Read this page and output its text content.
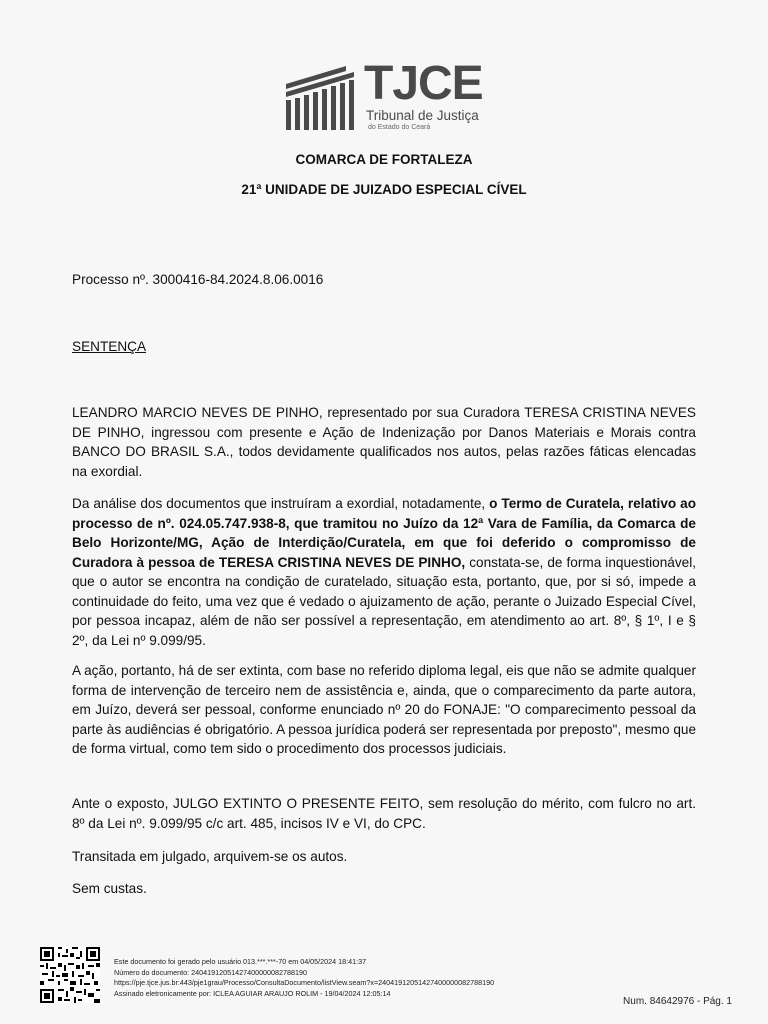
TJCE
Tribunal de Justiça
do Estado do Ceará
COMARCA DE FORTALEZA
21ª UNIDADE DE JUIZADO ESPECIAL CÍVEL
Processo nº. 3000416-84.2024.8.06.0016
SENTENÇA
LEANDRO MARCIO NEVES DE PINHO, representado por sua Curadora TERESA CRISTINA NEVES DE PINHO, ingressou com presente e Ação de Indenização por Danos Materiais e Morais contra BANCO DO BRASIL S.A., todos devidamente qualificados nos autos, pelas razões fáticas elencadas na exordial.
Da análise dos documentos que instruíram a exordial, notadamente, o Termo de Curatela, relativo ao processo de nº. 024.05.747.938-8, que tramitou no Juízo da 12ª Vara de Família, da Comarca de Belo Horizonte/MG, Ação de Interdição/Curatela, em que foi deferido o compromisso de Curadora à pessoa de TERESA CRISTINA NEVES DE PINHO, constata-se, de forma inquestionável, que o autor se encontra na condição de curatelado, situação esta, portanto, que, por si só, impede a continuidade do feito, uma vez que é vedado o ajuizamento de ação, perante o Juizado Especial Cível, por pessoa incapaz, além de não ser possível a representação, em atendimento ao art. 8º, § 1º, I e § 2º, da Lei nº 9.099/95.
A ação, portanto, há de ser extinta, com base no referido diploma legal, eis que não se admite qualquer forma de intervenção de terceiro nem de assistência e, ainda, que o comparecimento da parte autora, em Juízo, deverá ser pessoal, conforme enunciado nº 20 do FONAJE: "O comparecimento pessoal da parte às audiências é obrigatório. A pessoa jurídica poderá ser representada por preposto", mesmo que de forma virtual, como tem sido o procedimento dos processos judiciais.
Ante o exposto, JULGO EXTINTO O PRESENTE FEITO, sem resolução do mérito, com fulcro no art. 8º da Lei nº. 9.099/95 c/c art. 485, incisos IV e VI, do CPC.
Transitada em julgado, arquivem-se os autos.
Sem custas.
Este documento foi gerado pelo usuário 013.***.***-70 em 04/05/2024 18:41:37
Número do documento: 24041912051427400000082788190
https://pje.tjce.jus.br:443/pje1grau/Processo/ConsultaDocumento/listView.seam?x=24041912051427400000082788190
Assinado eletronicamente por: ICLEA AGUIAR ARAUJO ROLIM - 19/04/2024 12:05:14
Num. 84642976 - Pág. 1
